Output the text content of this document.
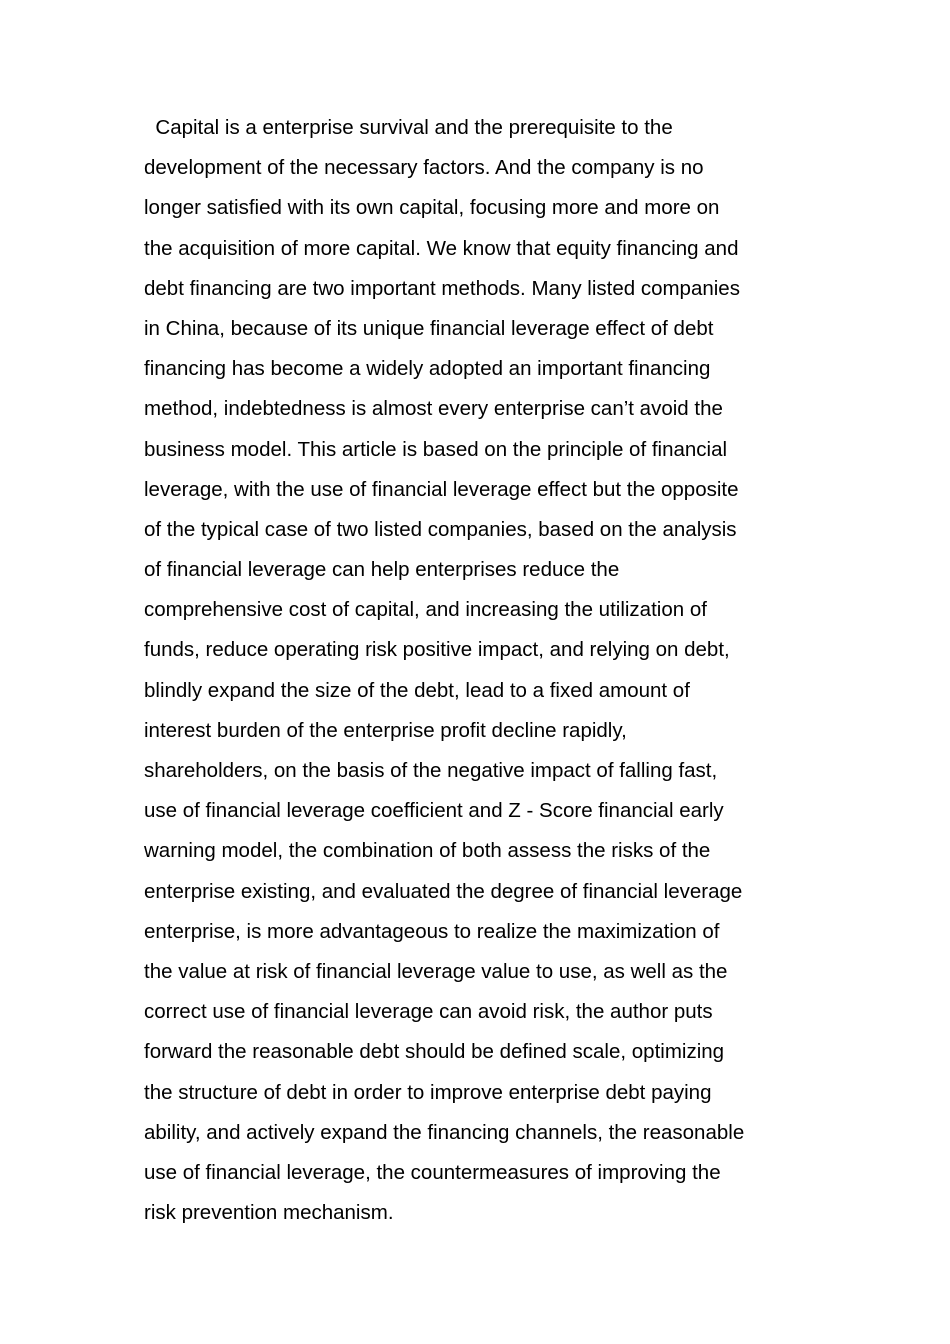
Capital is a enterprise survival and the prerequisite to the
development of the necessary factors. And the company is no
longer satisfied with its own capital, focusing more and more on
the acquisition of more capital. We know that equity financing and
debt financing are two important methods. Many listed companies
in China, because of its unique financial leverage effect of debt
financing has become a widely adopted an important financing
method, indebtedness is almost every enterprise can’t avoid the
business model. This article is based on the principle of financial
leverage, with the use of financial leverage effect but the opposite
of the typical case of two listed companies, based on the analysis
of financial leverage can help enterprises reduce the
comprehensive cost of capital, and increasing the utilization of
funds, reduce operating risk positive impact, and relying on debt,
blindly expand the size of the debt, lead to a fixed amount of
interest burden of the enterprise profit decline rapidly,
shareholders, on the basis of the negative impact of falling fast,
use of financial leverage coefficient and Z - Score financial early
warning model, the combination of both assess the risks of the
enterprise existing, and evaluated the degree of financial leverage
enterprise, is more advantageous to realize the maximization of
the value at risk of financial leverage value to use, as well as the
correct use of financial leverage can avoid risk, the author puts
forward the reasonable debt should be defined scale, optimizing
the structure of debt in order to improve enterprise debt paying
ability, and actively expand the financing channels, the reasonable
use of financial leverage, the countermeasures of improving the
risk prevention mechanism.
